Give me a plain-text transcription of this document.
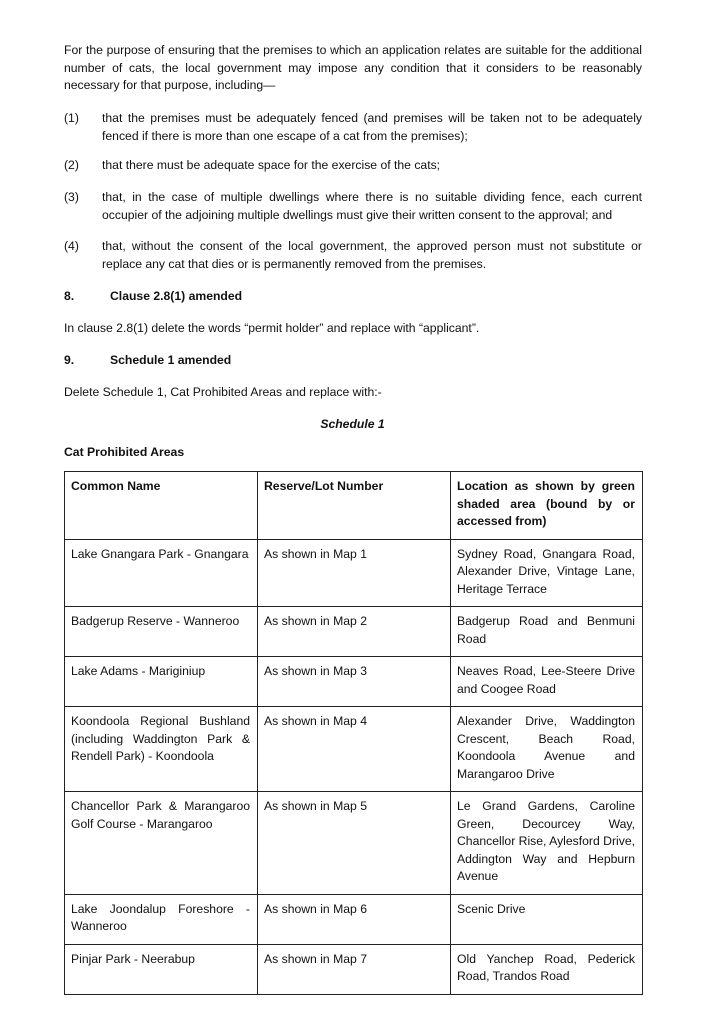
For the purpose of ensuring that the premises to which an application relates are suitable for the additional number of cats, the local government may impose any condition that it considers to be reasonably necessary for that purpose, including—

(1) that the premises must be adequately fenced (and premises will be taken not to be adequately fenced if there is more than one escape of a cat from the premises);

(2) that there must be adequate space for the exercise of the cats;

(3) that, in the case of multiple dwellings where there is no suitable dividing fence, each current occupier of the adjoining multiple dwellings must give their written consent to the approval; and

(4) that, without the consent of the local government, the approved person must not substitute or replace any cat that dies or is permanently removed from the premises.

8.	Clause 2.8(1) amended

In clause 2.8(1) delete the words “permit holder” and replace with “applicant”.

9.	Schedule 1 amended

Delete Schedule 1, Cat Prohibited Areas and replace with:-

Schedule 1

Cat Prohibited Areas

Common Name	Reserve/Lot Number	Location as shown by green shaded area (bound by or accessed from)
Lake Gnangara Park - Gnangara	As shown in Map 1	Sydney Road, Gnangara Road, Alexander Drive, Vintage Lane, Heritage Terrace
Badgerup Reserve - Wanneroo	As shown in Map 2	Badgerup Road and Benmuni Road
Lake Adams - Mariginiup	As shown in Map 3	Neaves Road, Lee-Steere Drive and Coogee Road
Koondoola Regional Bushland (including Waddington Park & Rendell Park) - Koondoola	As shown in Map 4	Alexander Drive, Waddington Crescent, Beach Road, Koondoola Avenue and Marangaroo Drive
Chancellor Park & Marangaroo Golf Course - Marangaroo	As shown in Map 5	Le Grand Gardens, Caroline Green, Decourcey Way, Chancellor Rise, Aylesford Drive, Addington Way and Hepburn Avenue
Lake Joondalup Foreshore - Wanneroo	As shown in Map 6	Scenic Drive
Pinjar Park - Neerabup	As shown in Map 7	Old Yanchep Road, Pederick Road, Trandos Road
